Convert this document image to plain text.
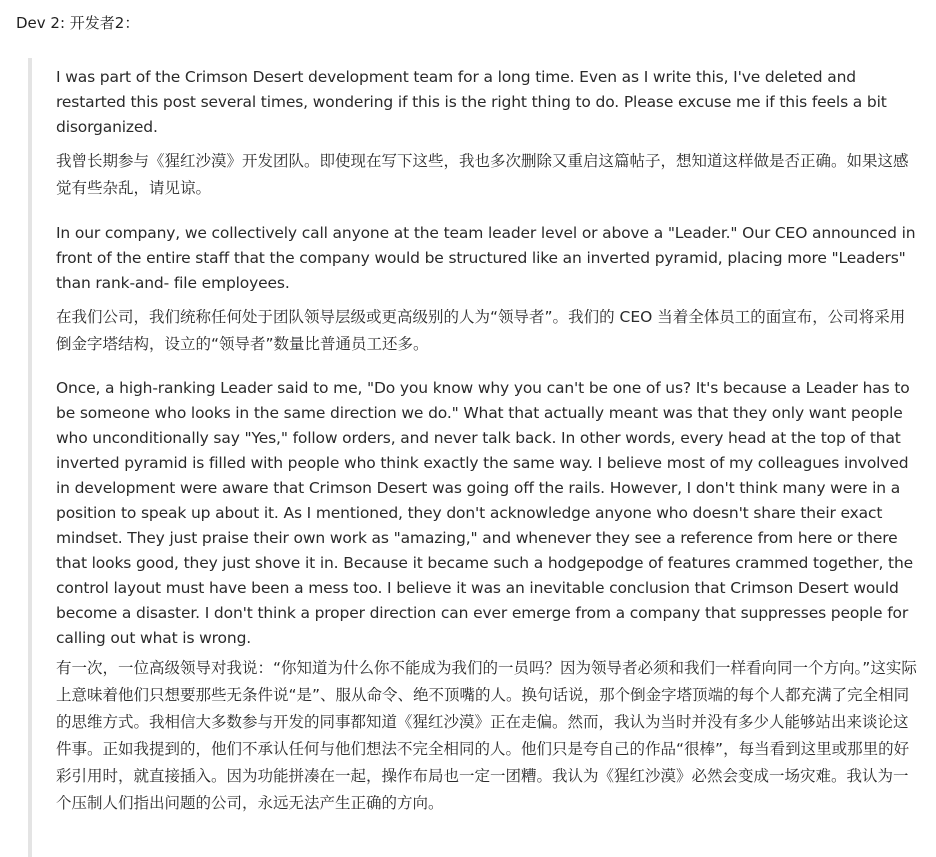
Dev 2: 开发者2：

I was part of the Crimson Desert development team for a long time. Even as I write this, I've deleted and restarted this post several times, wondering if this is the right thing to do. Please excuse me if this feels a bit disorganized.

我曾长期参与《猩红沙漠》开发团队。即使现在写下这些，我也多次删除又重启这篇帖子，想知道这样做是否正确。如果这感觉有些杂乱，请见谅。

In our company, we collectively call anyone at the team leader level or above a "Leader." Our CEO announced in front of the entire staff that the company would be structured like an inverted pyramid, placing more "Leaders" than rank-and- file employees.

在我们公司，我们统称任何处于团队领导层级或更高级别的人为“领导者”。我们的 CEO 当着全体员工的面宣布，公司将采用倒金字塔结构，设立的“领导者”数量比普通员工还多。

Once, a high-ranking Leader said to me, "Do you know why you can't be one of us? It's because a Leader has to be someone who looks in the same direction we do." What that actually meant was that they only want people who unconditionally say "Yes," follow orders, and never talk back. In other words, every head at the top of that inverted pyramid is filled with people who think exactly the same way. I believe most of my colleagues involved in development were aware that Crimson Desert was going off the rails. However, I don't think many were in a position to speak up about it. As I mentioned, they don't acknowledge anyone who doesn't share their exact mindset. They just praise their own work as "amazing," and whenever they see a reference from here or there that looks good, they just shove it in. Because it became such a hodgepodge of features crammed together, the control layout must have been a mess too. I believe it was an inevitable conclusion that Crimson Desert would become a disaster. I don't think a proper direction can ever emerge from a company that suppresses people for calling out what is wrong.

有一次，一位高级领导对我说：“你知道为什么你不能成为我们的一员吗？因为领导者必须和我们一样看向同一个方向。”这实际上意味着他们只想要那些无条件说“是”、服从命令、绝不顶嘴的人。换句话说，那个倒金字塔顶端的每个人都充满了完全相同的思维方式。我相信大多数参与开发的同事都知道《猩红沙漠》正在走偏。然而，我认为当时并没有多少人能够站出来谈论这件事。正如我提到的，他们不承认任何与他们想法不完全相同的人。他们只是夸自己的作品“很棒”，每当看到这里或那里的好彩引用时，就直接插入。因为功能拼凑在一起，操作布局也一定一团糟。我认为《猩红沙漠》必然会变成一场灾难。我认为一个压制人们指出问题的公司，永远无法产生正确的方向。
